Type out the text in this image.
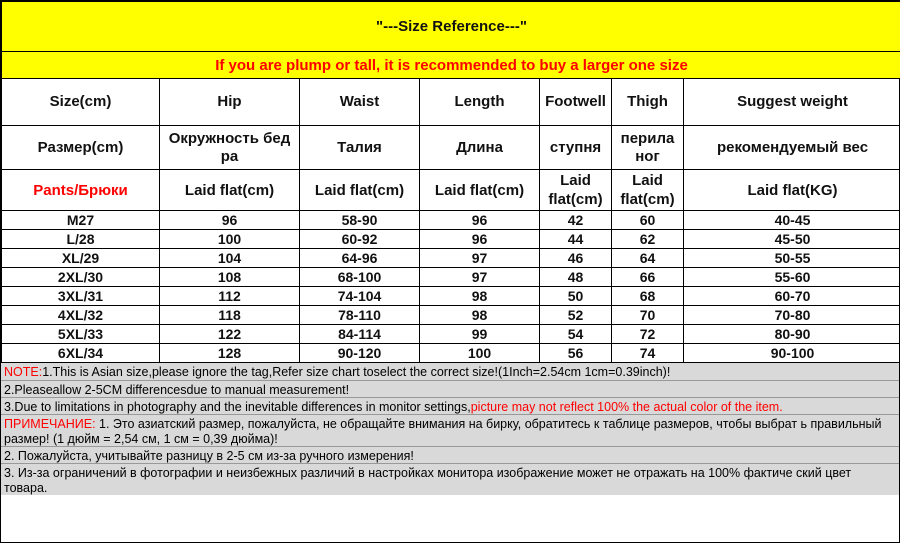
"---Size Reference---"						
If you are plump or tall, it is recommended to buy a larger one size						
Size(cm)	Hip	Waist	Length	Footwell	Thigh	Suggest weight
Размер(cm)	Окружность бед ра	Талия	Длина	ступня	перила ног	рекомендуемый вес
Pants/Брюки	Laid flat(cm)	Laid flat(cm)	Laid flat(cm)	Laid flat(cm)	Laid flat(cm)	Laid flat(KG)
M27	96	58-90	96	42	60	40-45
L/28	100	60-92	96	44	62	45-50
XL/29	104	64-96	97	46	64	50-55
2XL/30	108	68-100	97	48	66	55-60
3XL/31	112	74-104	98	50	68	60-70
4XL/32	118	78-110	98	52	70	70-80
5XL/33	122	84-114	99	54	72	80-90
6XL/34	128	90-120	100	56	74	90-100
NOTE:1.This is Asian size,please ignore the tag,Refer size chart toselect the correct size!(1Inch=2.54cm 1cm=0.39inch)!
2.Pleaseallow 2-5CM differencesdue to manual measurement!
3.Due to limitations in photography and the inevitable differences in monitor settings,picture may not reflect 100% the actual color of the item.
ПРИМЕЧАНИЕ: 1. Это азиатский размер, пожалуйста, не обращайте внимания на бирку, обратитесь к таблице размеров, чтобы выбрат ь правильный размер! (1 дюйм = 2,54 см, 1 см = 0,39 дюйма)!
2. Пожалуйста, учитывайте разницу в 2-5 см из-за ручного измерения!
3. Из-за ограничений в фотографии и неизбежных различий в настройках монитора изображение может не отражать на 100% фактиче ский цвет товара.
